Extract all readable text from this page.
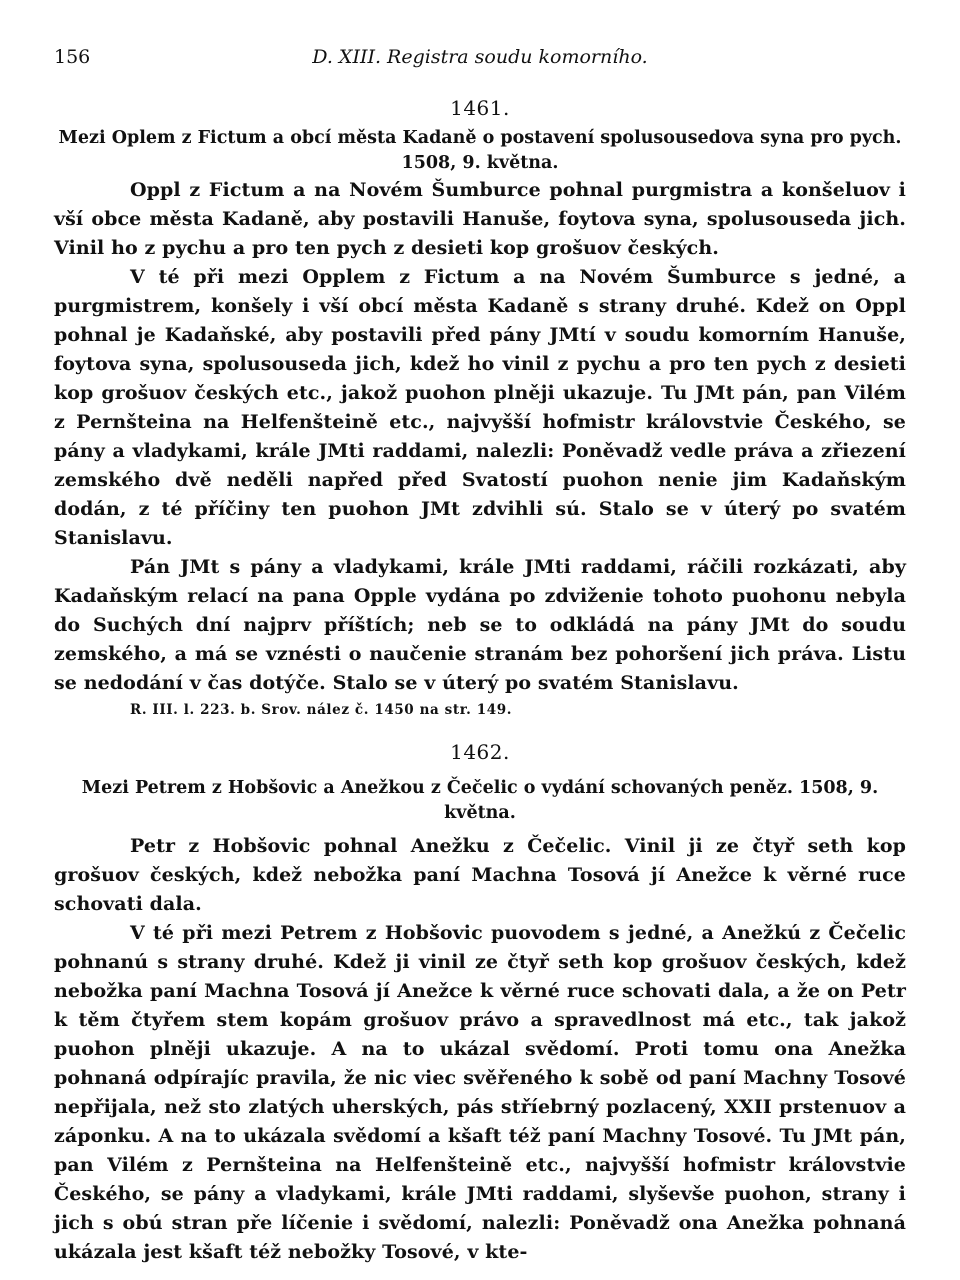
156	D. XIII. Registra soudu komorního.

1461.

Mezi Oplem z Fictum a obcí města Kadaně o postavení spolusousedova syna pro pych.

1508, 9. května.

Oppl z Fictum a na Novém Šumburce pohnal purgmistra a konšeluov i vší obce města Kadaně, aby postavili Hanuše, foytova syna, spolusouseda jich. Vinil ho z pychu a pro ten pych z desieti kop grošuov českých.

V té při mezi Opplem z Fictum a na Novém Šumburce s jedné, a purgmistrem, konšely i vší obcí města Kadaně s strany druhé. Kdež on Oppl pohnal je Kadaňské, aby postavili před pány JMtí v soudu komorním Hanuše, foytova syna, spolusouseda jich, kdež ho vinil z pychu a pro ten pych z desieti kop grošuov českých etc., jakož puohon plněji ukazuje. Tu JMt pán, pan Vilém z Pernšteina na Helfenšteině etc., najvyšší hofmistr královstvie Českého, se pány a vladykami, krále JMti raddami, nalezli: Poněvadž vedle práva a zřiezení zemského dvě neděli napřed před Svatostí puohon nenie jim Kadaňským dodán, z té příčiny ten puohon JMt zdvihli sú. Stalo se v úterý po svatém Stanislavu.

Pán JMt s pány a vladykami, krále JMti raddami, ráčili rozkázati, aby Kadaňským relací na pana Opple vydána po zdviženie tohoto puohonu nebyla do Suchých dní najprv příštích; neb se to odkládá na pány JMt do soudu zemského, a má se vznésti o naučenie stranám bez pohoršení jich práva. Listu se nedodání v čas dotýče. Stalo se v úterý po svatém Stanislavu.

R. III. l. 223. b. Srov. nález č. 1450 na str. 149.

1462.

Mezi Petrem z Hobšovic a Anežkou z Čečelic o vydání schovaných peněz. 1508, 9. května.

Petr z Hobšovic pohnal Anežku z Čečelic. Vinil ji ze čtyř seth kop grošuov českých, kdež nebožka paní Machna Tosová jí Anežce k věrné ruce schovati dala.

V té při mezi Petrem z Hobšovic puovodem s jedné, a Anežkú z Čečelic pohnanú s strany druhé. Kdež ji vinil ze čtyř seth kop grošuov českých, kdež nebožka paní Machna Tosová jí Anežce k věrné ruce schovati dala, a že on Petr k těm čtyřem stem kopám grošuov právo a spravedlnost má etc., tak jakož puohon plněji ukazuje. A na to ukázal svědomí. Proti tomu ona Anežka pohnaná odpírajíc pravila, že nic viec svěřeného k sobě od paní Machny Tosové nepřijala, než sto zlatých uherských, pás stříebrný pozlacený, XXII prstenuov a záponku. A na to ukázala svědomí a kšaft též paní Machny Tosové. Tu JMt pán, pan Vilém z Pernšteina na Helfenšteině etc., najvyšší hofmistr královstvie Českého, se pány a vladykami, krále JMti raddami, slyševše puohon, strany i jich s obú stran pře líčenie i svědomí, nalezli: Poněvadž ona Anežka pohnaná ukázala jest kšaft též nebožky Tosové, v kte-
